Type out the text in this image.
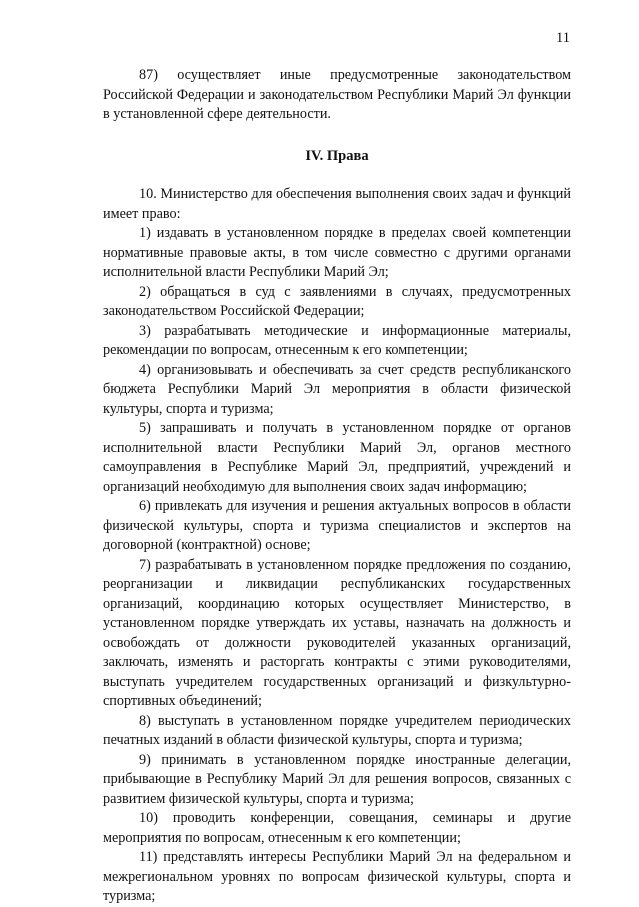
11

87) осуществляет иные предусмотренные законодательством Российской Федерации и законодательством Республики Марий Эл функции в установленной сфере деятельности.

IV. Права

10. Министерство для обеспечения выполнения своих задач и функций имеет право:

1) издавать в установленном порядке в пределах своей компетенции нормативные правовые акты, в том числе совместно с другими органами исполнительной власти Республики Марий Эл;

2) обращаться в суд с заявлениями в случаях, предусмотренных законодательством Российской Федерации;

3) разрабатывать методические и информационные материалы, рекомендации по вопросам, отнесенным к его компетенции;

4) организовывать и обеспечивать за счет средств республиканского бюджета Республики Марий Эл мероприятия в области физической культуры, спорта и туризма;

5) запрашивать и получать в установленном порядке от органов исполнительной власти Республики Марий Эл, органов местного самоуправления в Республике Марий Эл, предприятий, учреждений и организаций необходимую для выполнения своих задач информацию;

6) привлекать для изучения и решения актуальных вопросов в области физической культуры, спорта и туризма специалистов и экспертов на договорной (контрактной) основе;

7) разрабатывать в установленном порядке предложения по созданию, реорганизации и ликвидации республиканских государственных организаций, координацию которых осуществляет Министерство, в установленном порядке утверждать их уставы, назначать на должность и освобождать от должности руководителей указанных организаций, заключать, изменять и расторгать контракты с этими руководителями, выступать учредителем государственных организаций и физкультурно-спортивных объединений;

8) выступать в установленном порядке учредителем периодических печатных изданий в области физической культуры, спорта и туризма;

9) принимать в установленном порядке иностранные делегации, прибывающие в Республику Марий Эл для решения вопросов, связанных с развитием физической культуры, спорта и туризма;

10) проводить конференции, совещания, семинары и другие мероприятия по вопросам, отнесенным к его компетенции;

11) представлять интересы Республики Марий Эл на федеральном и межрегиональном уровнях по вопросам физической культуры, спорта и туризма;
